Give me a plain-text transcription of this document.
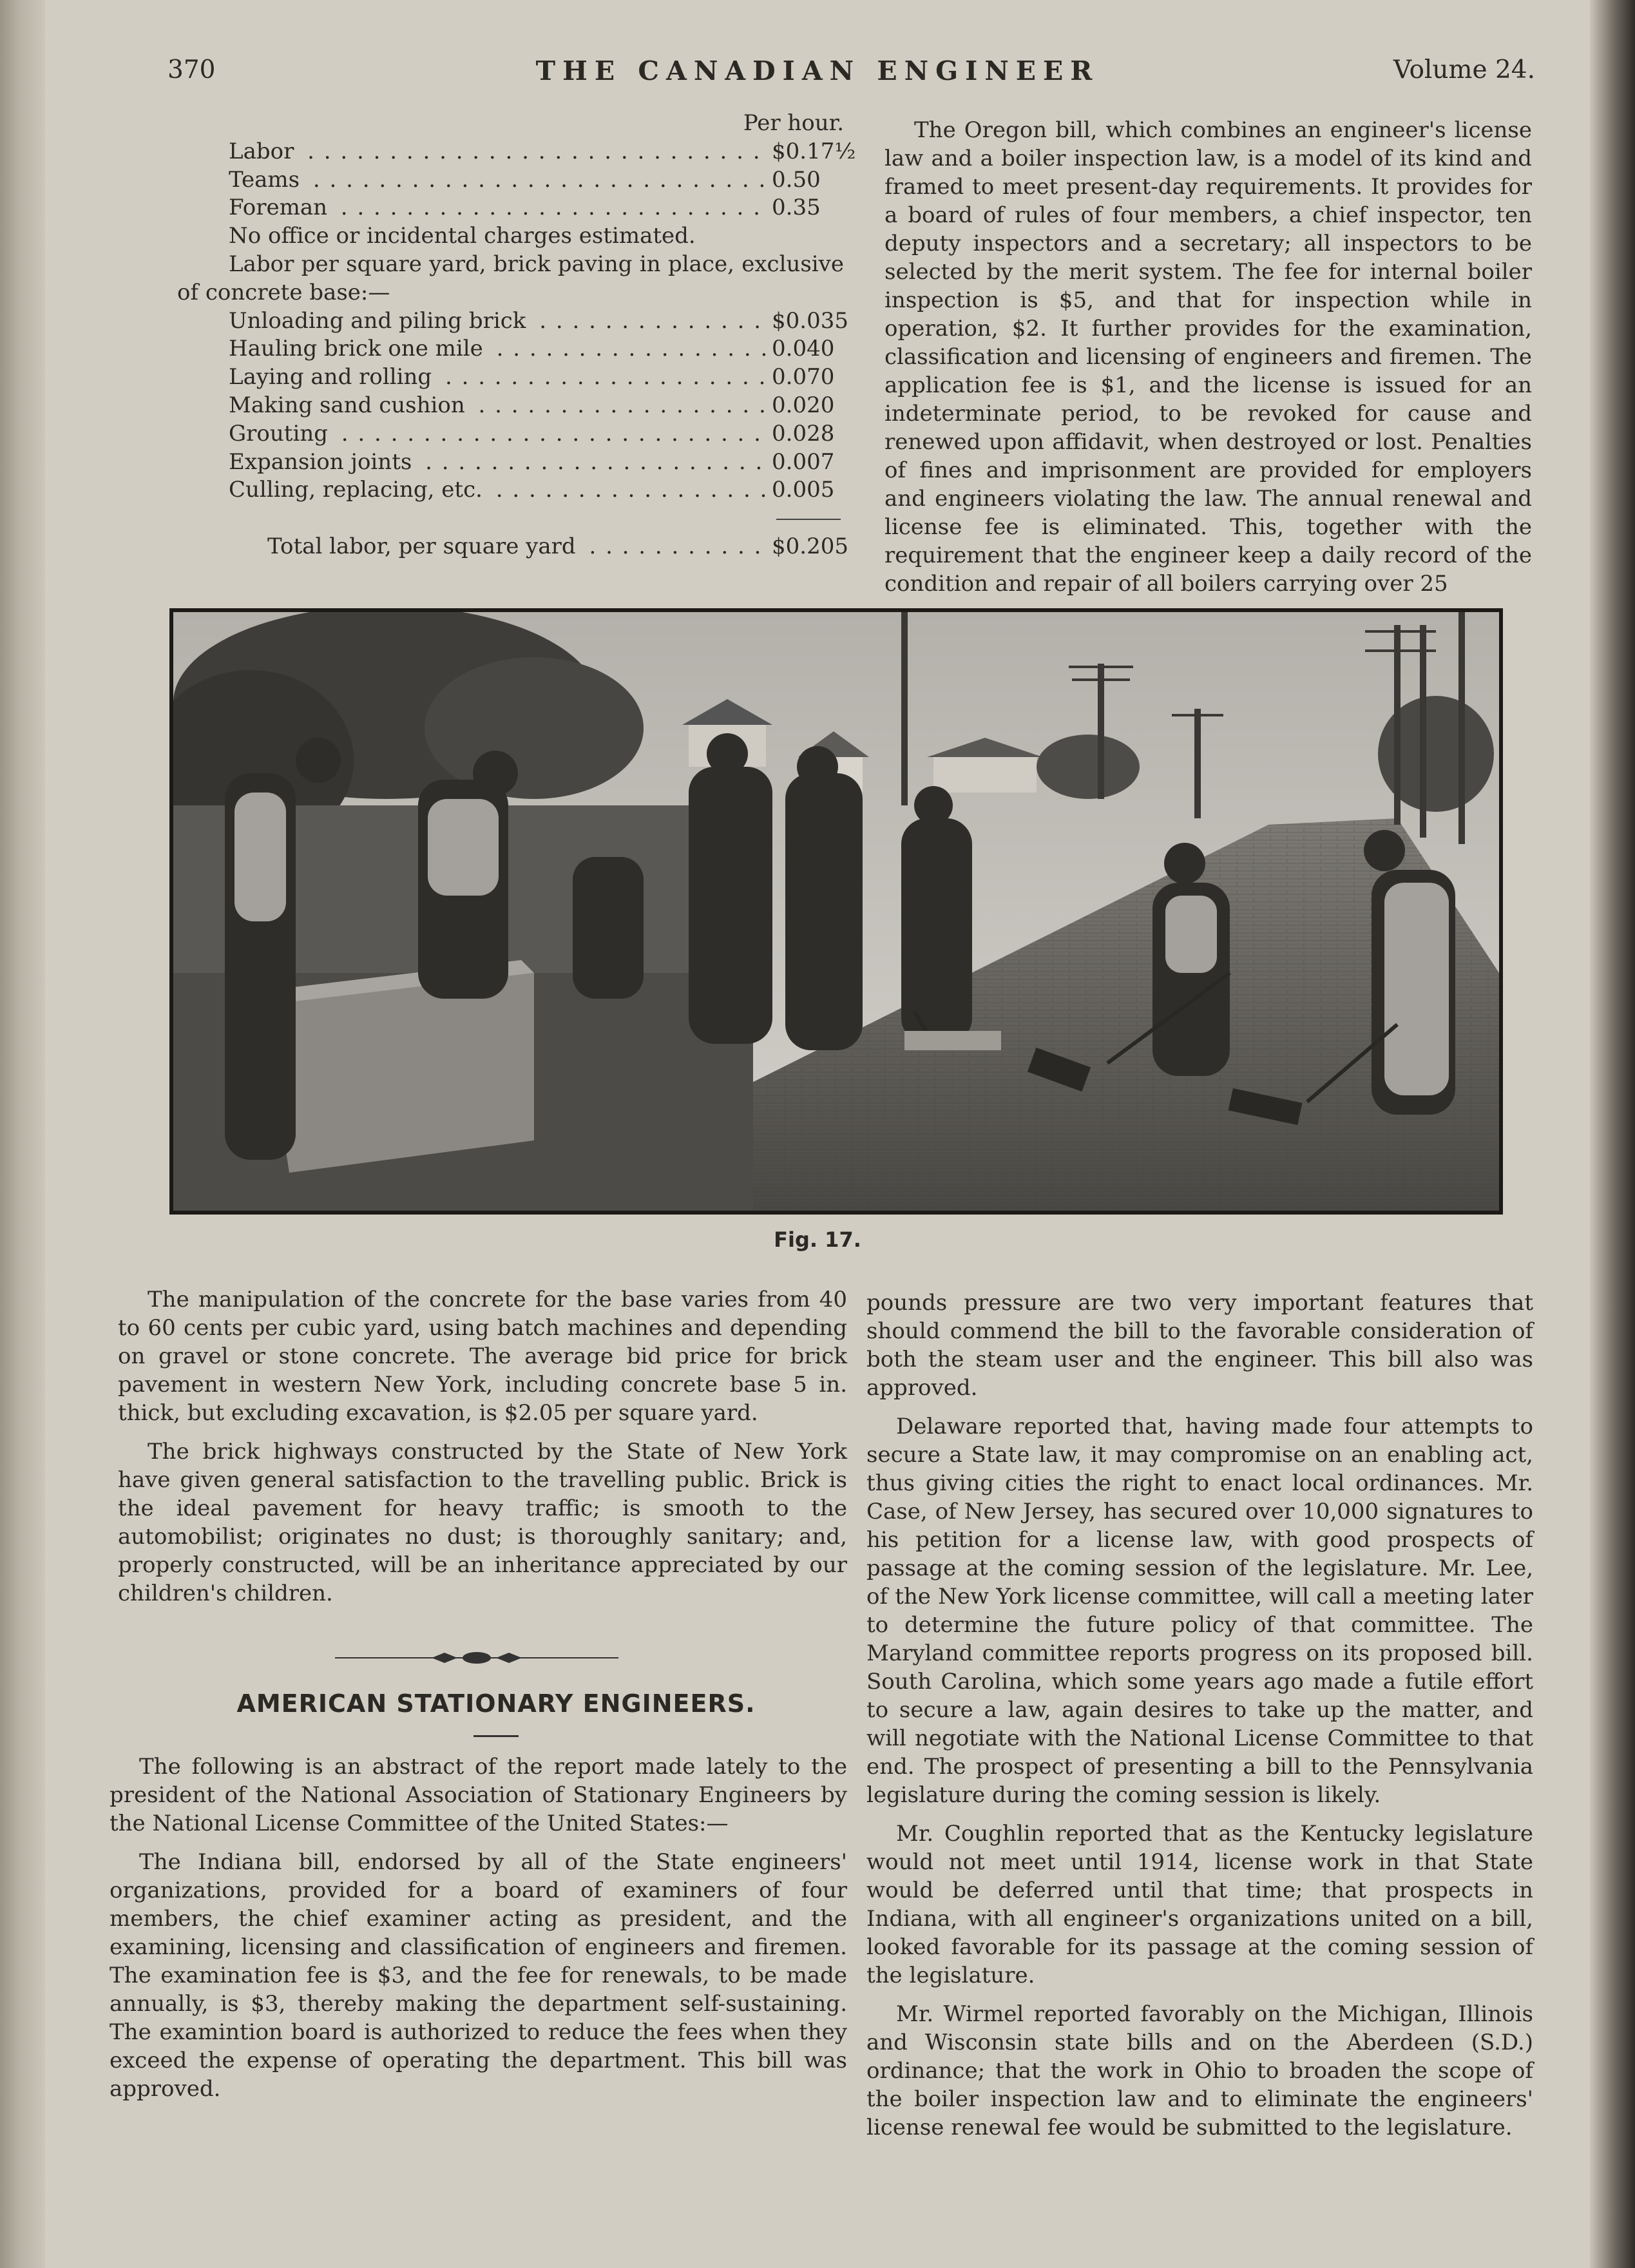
370	THE CANADIAN ENGINEER	Volume 24.
Per hour.
Labor . . .	$0.17½
Teams . . .	0.50
Foreman . . .	0.35
No office or incidental charges estimated.
Labor per square yard, brick paving in place, exclusive of concrete base:—
Unloading and piling brick . . .	$0.035
Hauling brick one mile . . .	0.040
Laying and rolling . . .	0.070
Making sand cushion . . .	0.020
Grouting . . .	0.028
Expansion joints . . .	0.007
Culling, replacing, etc. . . .	0.005
Total labor, per square yard . . .	$0.205

The Oregon bill, which combines an engineer's license law and a boiler inspection law, is a model of its kind and framed to meet present-day requirements. It provides for a board of rules of four members, a chief inspector, ten deputy inspectors and a secretary; all inspectors to be selected by the merit system. The fee for internal boiler inspection is $5, and that for inspection while in operation, $2. It further provides for the examination, classification and licensing of engineers and firemen. The application fee is $1, and the license is issued for an indeterminate period, to be revoked for cause and renewed upon affidavit, when destroyed or lost. Penalties of fines and imprisonment are provided for employers and engineers violating the law. The annual renewal and license fee is eliminated. This, together with the requirement that the engineer keep a daily record of the condition and repair of all boilers carrying over 25

Fig. 17.

The manipulation of the concrete for the base varies from 40 to 60 cents per cubic yard, using batch machines and depending on gravel or stone concrete. The average bid price for brick pavement in western New York, including concrete base 5 in. thick, but excluding excavation, is $2.05 per square yard.

The brick highways constructed by the State of New York have given general satisfaction to the travelling public. Brick is the ideal pavement for heavy traffic; is smooth to the automobilist; originates no dust; is thoroughly sanitary; and, properly constructed, will be an inheritance appreciated by our children's children.

AMERICAN STATIONARY ENGINEERS.

The following is an abstract of the report made lately to the president of the National Association of Stationary Engineers by the National License Committee of the United States:—

The Indiana bill, endorsed by all of the State engineers' organizations, provided for a board of examiners of four members, the chief examiner acting as president, and the examining, licensing and classification of engineers and firemen. The examination fee is $3, and the fee for renewals, to be made annually, is $3, thereby making the department self-sustaining. The examintion board is authorized to reduce the fees when they exceed the expense of operating the department. This bill was approved.

pounds pressure are two very important features that should commend the bill to the favorable consideration of both the steam user and the engineer. This bill also was approved.

Delaware reported that, having made four attempts to secure a State law, it may compromise on an enabling act, thus giving cities the right to enact local ordinances. Mr. Case, of New Jersey, has secured over 10,000 signatures to his petition for a license law, with good prospects of passage at the coming session of the legislature. Mr. Lee, of the New York license committee, will call a meeting later to determine the future policy of that committee. The Maryland committee reports progress on its proposed bill. South Carolina, which some years ago made a futile effort to secure a law, again desires to take up the matter, and will negotiate with the National License Committee to that end. The prospect of presenting a bill to the Pennsylvania legislature during the coming session is likely.

Mr. Coughlin reported that as the Kentucky legislature would not meet until 1914, license work in that State would be deferred until that time; that prospects in Indiana, with all engineer's organizations united on a bill, looked favorable for its passage at the coming session of the legislature.

Mr. Wirmel reported favorably on the Michigan, Illinois and Wisconsin state bills and on the Aberdeen (S.D.) ordinance; that the work in Ohio to broaden the scope of the boiler inspection law and to eliminate the engineers' license renewal fee would be submitted to the legislature.
